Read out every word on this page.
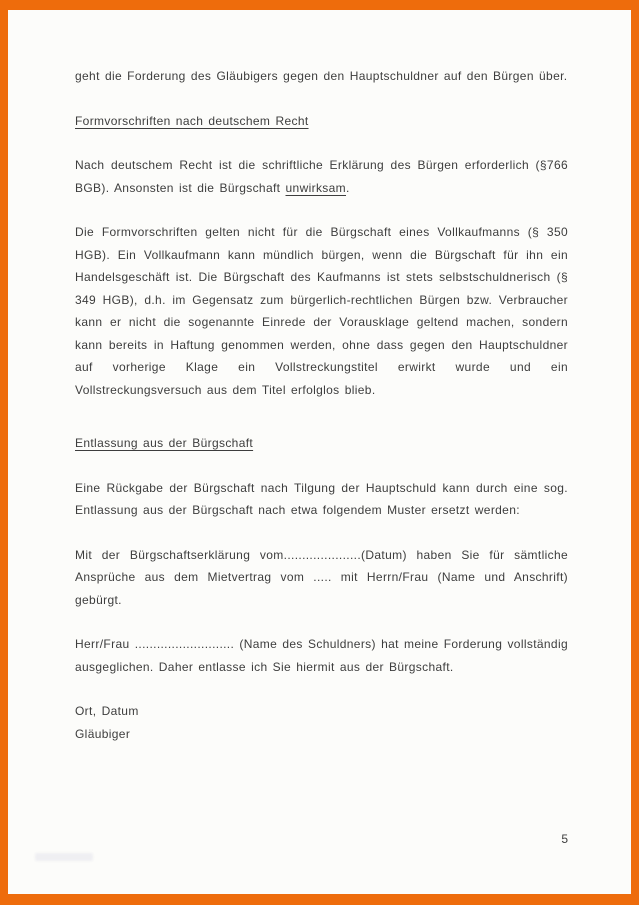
geht die Forderung des Gläubigers gegen den Hauptschuldner auf den Bürgen über.

Formvorschriften nach deutschem Recht

Nach deutschem Recht ist die schriftliche Erklärung des Bürgen erforderlich (§766 BGB). Ansonsten ist die Bürgschaft unwirksam.

Die Formvorschriften gelten nicht für die Bürgschaft eines Vollkaufmanns (§ 350 HGB). Ein Vollkaufmann kann mündlich bürgen, wenn die Bürgschaft für ihn ein Handelsgeschäft ist. Die Bürgschaft des Kaufmanns ist stets selbstschuldnerisch (§ 349 HGB), d.h. im Gegensatz zum bürgerlich-rechtlichen Bürgen bzw. Verbraucher kann er nicht die sogenannte Einrede der Vorausklage geltend machen, sondern kann bereits in Haftung genommen werden, ohne dass gegen den Hauptschuldner auf vorherige Klage ein Vollstreckungstitel erwirkt wurde und ein Vollstreckungsversuch aus dem Titel erfolglos blieb.

Entlassung aus der Bürgschaft

Eine Rückgabe der Bürgschaft nach Tilgung der Hauptschuld kann durch eine sog. Entlassung aus der Bürgschaft nach etwa folgendem Muster ersetzt werden:

Mit der Bürgschaftserklärung vom.....................(Datum) haben Sie für sämtliche Ansprüche aus dem Mietvertrag vom ..... mit Herrn/Frau (Name und Anschrift) gebürgt.

Herr/Frau ........................... (Name des Schuldners) hat meine Forderung vollständig ausgeglichen. Daher entlasse ich Sie hiermit aus der Bürgschaft.

Ort, Datum
Gläubiger

5
